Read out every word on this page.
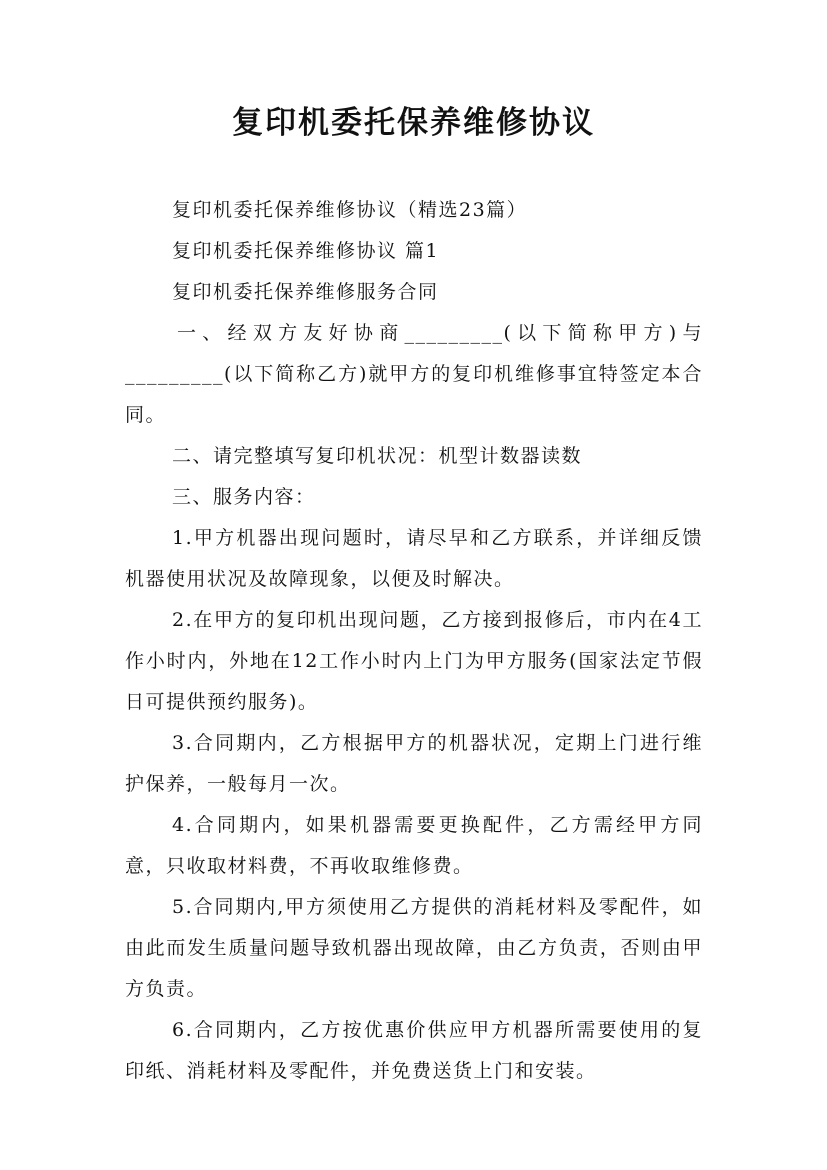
复印机委托保养维修协议

复印机委托保养维修协议（精选23篇）

复印机委托保养维修协议 篇1

复印机委托保养维修服务合同

一、经双方友好协商_________(以下简称甲方)与_________(以下简称乙方)就甲方的复印机维修事宜特签定本合同。

二、请完整填写复印机状况：机型计数器读数

三、服务内容：

1.甲方机器出现问题时，请尽早和乙方联系，并详细反馈机器使用状况及故障现象，以便及时解决。

2.在甲方的复印机出现问题，乙方接到报修后，市内在4工作小时内，外地在12工作小时内上门为甲方服务(国家法定节假日可提供预约服务)。

3.合同期内，乙方根据甲方的机器状况，定期上门进行维护保养，一般每月一次。

4.合同期内，如果机器需要更换配件，乙方需经甲方同意，只收取材料费，不再收取维修费。

5.合同期内,甲方须使用乙方提供的消耗材料及零配件，如由此而发生质量问题导致机器出现故障，由乙方负责，否则由甲方负责。

6.合同期内，乙方按优惠价供应甲方机器所需要使用的复印纸、消耗材料及零配件，并免费送货上门和安装。
